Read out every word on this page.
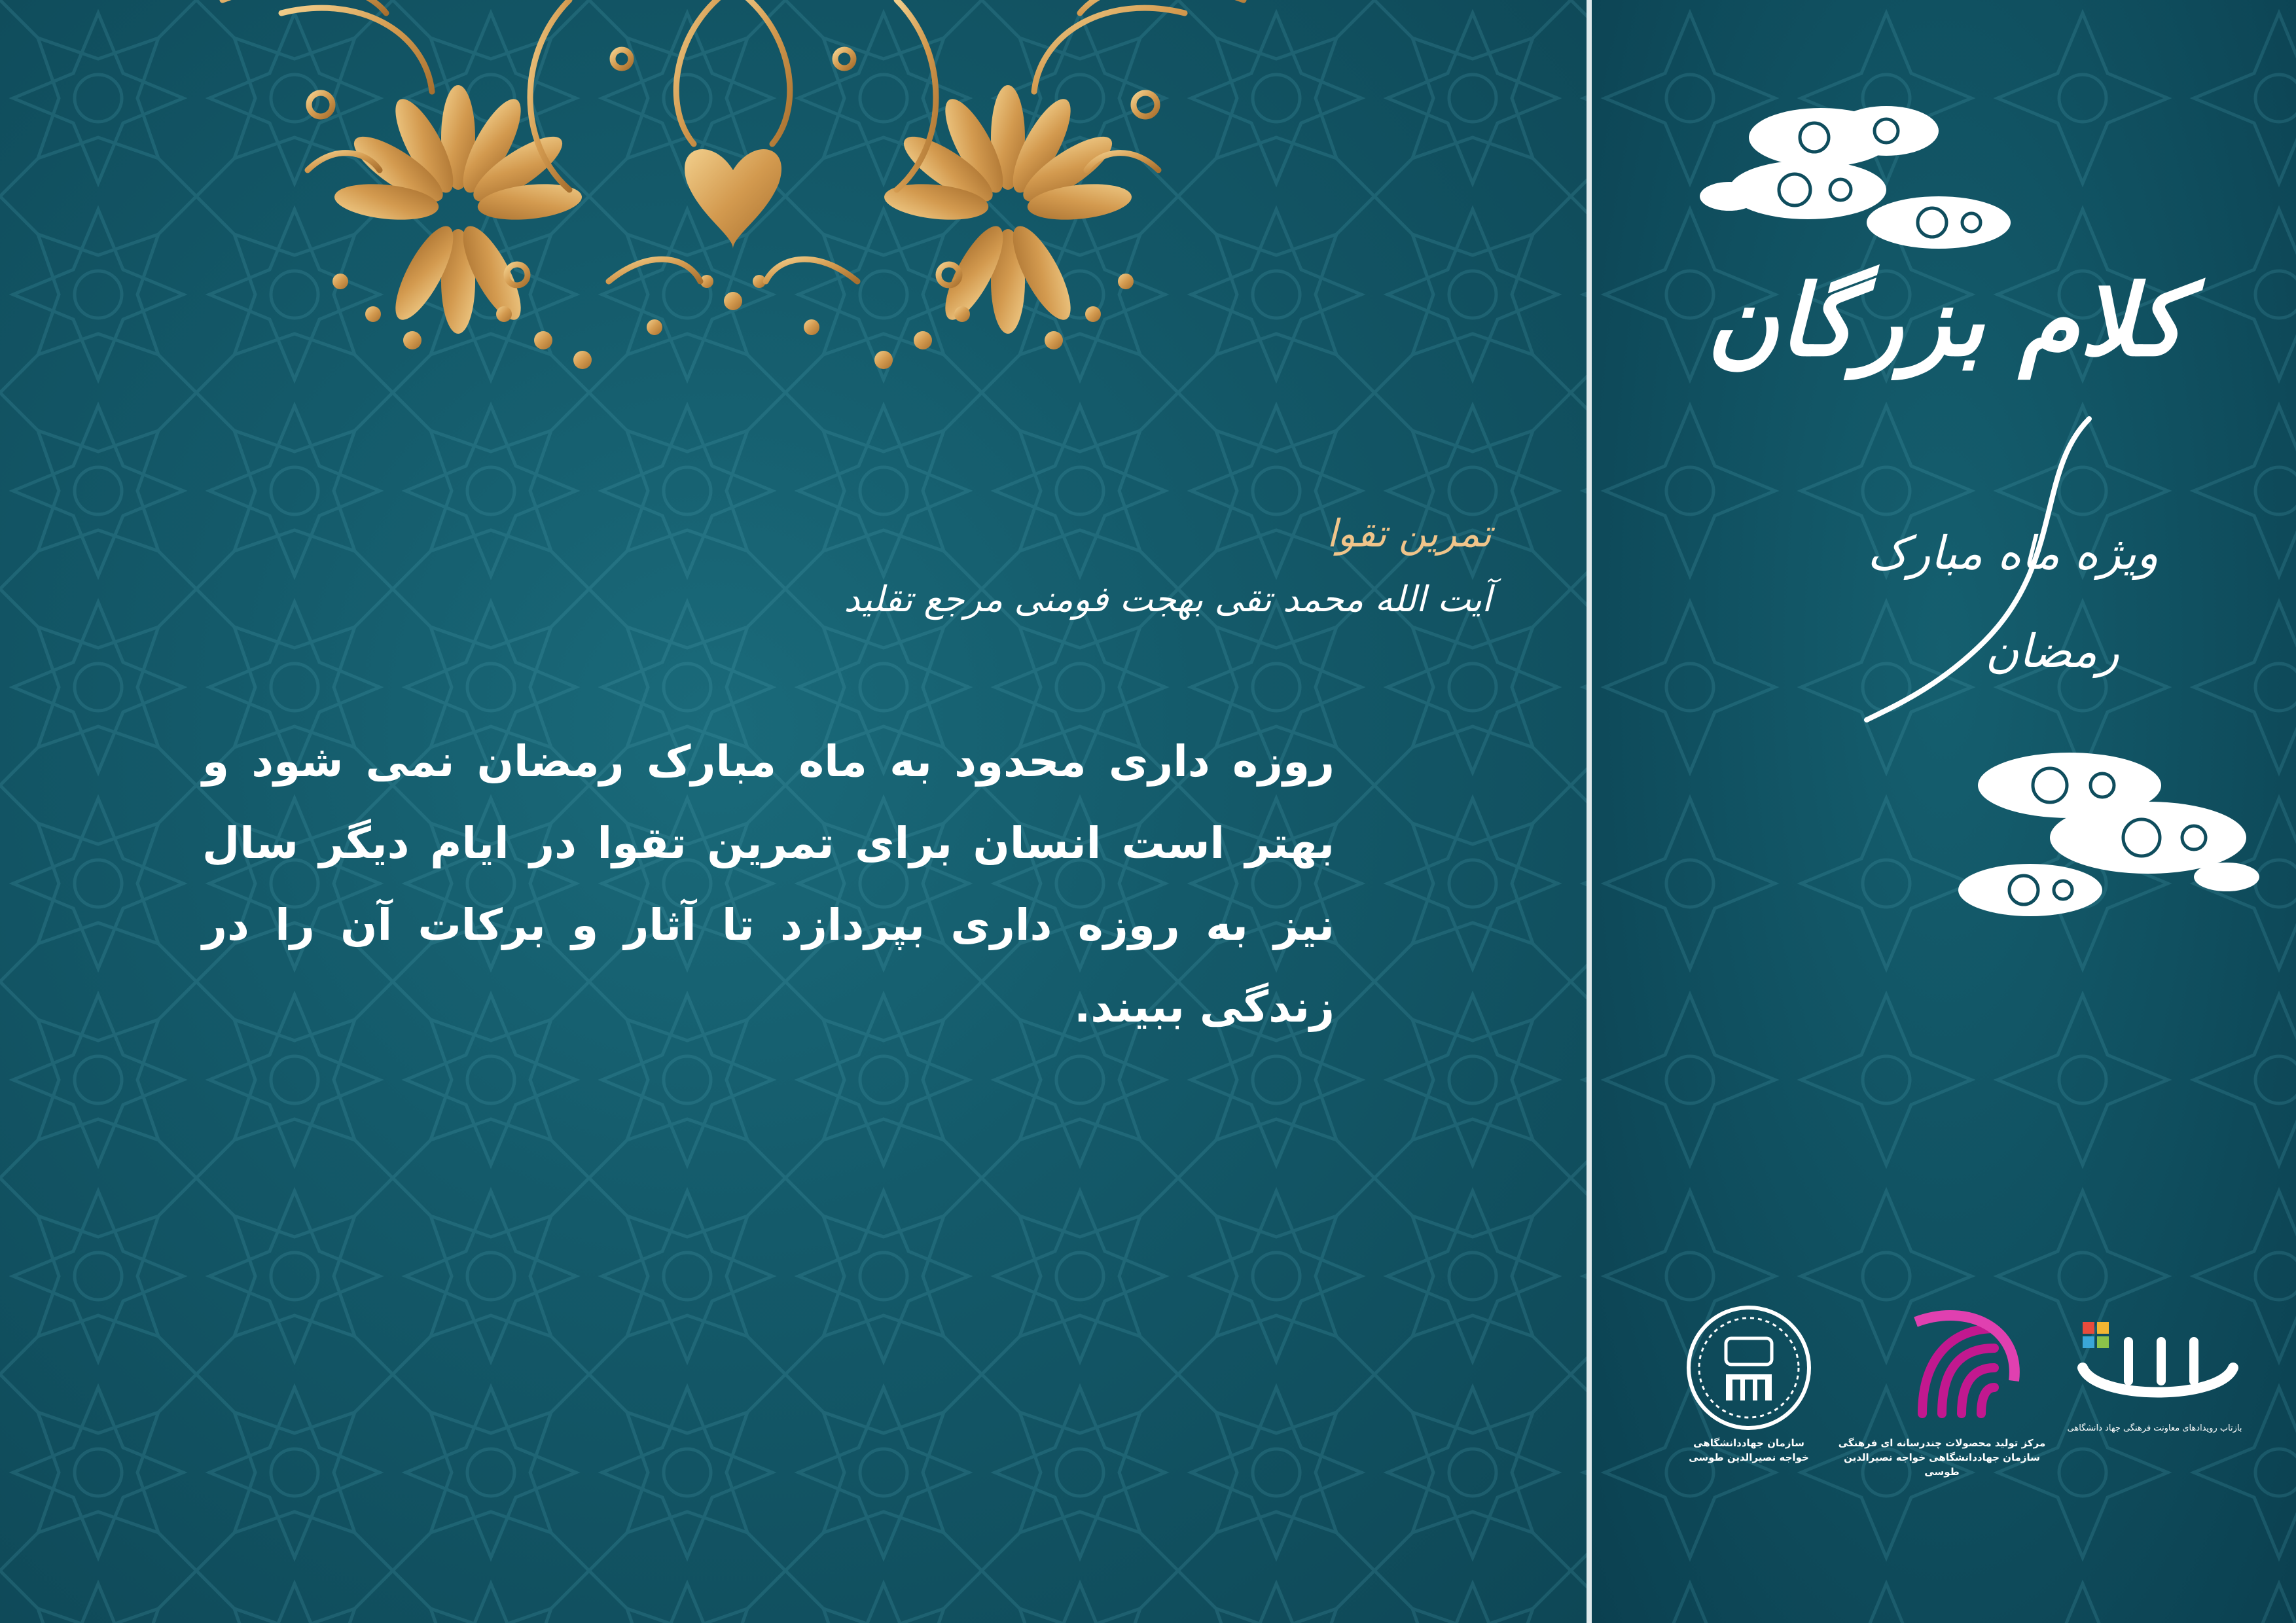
تمرین تقوا
آیت الله محمد تقی بهجت فومنی مرجع تقلید
روزه داری محدود به ماه مبارک رمضان نمی شود و بهتر است انسان برای تمرین تقوا در ایام دیگر سال نیز به روزه داری بپردازد تا آثار و برکات آن را در زندگی ببیند.
کلام بزرگان
ویژه ماه مبارک
رمضان
سازمان جهاددانشگاهی
خواجه نصیرالدین طوسی
مرکز تولید محصولات چندرسانه ای فرهنگی
سازمان جهاددانشگاهی خواجه نصیرالدین طوسی
بازتاب رویدادهای معاونت فرهنگی جهاد دانشگاهی
